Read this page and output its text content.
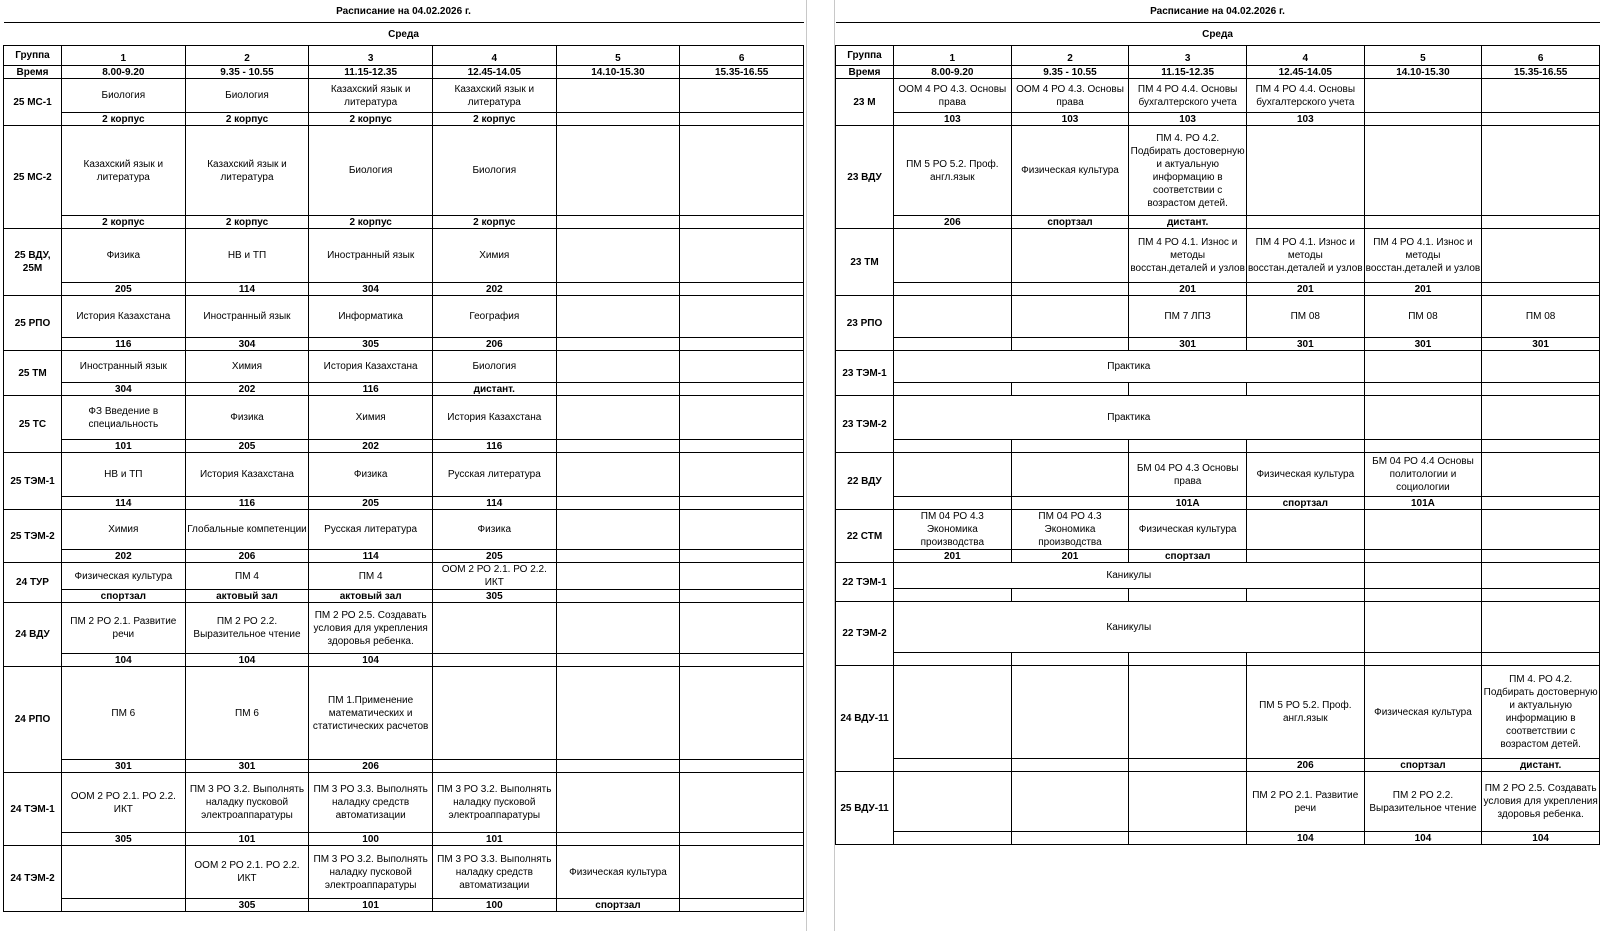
Расписание на 04.02.2026 г.						
Среда						
Группа	1	2	3	4	5	6
Время	8.00-9.20	9.35 - 10.55	11.15-12.35	12.45-14.05	14.10-15.30	15.35-16.55
25 МС-1	Биология	Биология	Казахский язык и литература	Казахский язык и литература		
	2 корпус	2 корпус	2 корпус	2 корпус		
25 МС-2	Казахский язык и литература	Казахский язык и литература	Биология	Биология		
	2 корпус	2 корпус	2 корпус	2 корпус		
25 ВДУ, 25М	Физика	НВ и ТП	Иностранный язык	Химия		
	205	114	304	202		
25 РПО	История Казахстана	Иностранный язык	Информатика	География		
	116	304	305	206		
25 ТМ	Иностранный язык	Химия	История Казахстана	Биология		
	304	202	116	дистант.		
25 ТС	ФЗ Введение в специальность	Физика	Химия	История Казахстана		
	101	205	202	116		
25 ТЭМ-1	НВ и ТП	История Казахстана	Физика	Русская литература		
	114	116	205	114		
25 ТЭМ-2	Химия	Глобальные компетенции	Русская литература	Физика		
	202	206	114	205		
24 ТУР	Физическая культура	ПМ 4	ПМ 4	ООМ 2 РО 2.1. РО 2.2. ИКТ		
	спортзал	актовый зал	актовый зал	305		
24 ВДУ	ПМ 2 РО 2.1. Развитие речи	ПМ 2 РО 2.2. Выразительное чтение	ПМ 2 РО 2.5. Создавать условия для укрепления здоровья ребенка.			
	104	104	104			
24 РПО	ПМ 6	ПМ 6	ПМ 1.Применение математических и статистических расчетов			
	301	301	206			
24 ТЭМ-1	ООМ 2 РО 2.1. РО 2.2. ИКТ	ПМ 3 РО 3.2. Выполнять наладку пусковой электроаппаратуры	ПМ 3 РО 3.3. Выполнять наладку средств автоматизации	ПМ 3 РО 3.2. Выполнять наладку пусковой электроаппаратуры		
	305	101	100	101		
24 ТЭМ-2		ООМ 2 РО 2.1. РО 2.2. ИКТ	ПМ 3 РО 3.2. Выполнять наладку пусковой электроаппаратуры	ПМ 3 РО 3.3. Выполнять наладку средств автоматизации	Физическая культура	
		305	101	100	спортзал	
Расписание на 04.02.2026 г.						
Среда						
Группа	1	2	3	4	5	6
Время	8.00-9.20	9.35 - 10.55	11.15-12.35	12.45-14.05	14.10-15.30	15.35-16.55
23 М	ООМ 4 РО 4.3. Основы права	ООМ 4 РО 4.3. Основы права	ПМ 4 РО 4.4. Основы бухгалтерского учета	ПМ 4 РО 4.4. Основы бухгалтерского учета		
	103	103	103	103		
23 ВДУ	ПМ 5 РО 5.2. Проф. англ.язык	Физическая культура	ПМ 4. РО 4.2. Подбирать достоверную и актуальную информацию в соответствии с возрастом детей.			
	206	спортзал	дистант.			
23 ТМ			ПМ 4 РО 4.1. Износ и методы восстан.деталей и узлов	ПМ 4 РО 4.1. Износ и методы восстан.деталей и узлов	ПМ 4 РО 4.1. Износ и методы восстан.деталей и узлов	
			201	201	201	
23 РПО			ПМ 7 ЛПЗ	ПМ 08	ПМ 08	ПМ 08
			301	301	301	301
23 ТЭМ-1	Практика					

23 ТЭМ-2	Практика					

22 ВДУ			БМ 04 РО 4.3 Основы права	Физическая культура	БМ 04 РО 4.4 Основы политологии и социологии	
			101А	спортзал	101А	
22 СТМ	ПМ 04 РО 4.3 Экономика производства	ПМ 04 РО 4.3 Экономика производства	Физическая культура			
	201	201	спортзал			
22 ТЭМ-1	Каникулы					

22 ТЭМ-2	Каникулы					

24 ВДУ-11				ПМ 5 РО 5.2. Проф. англ.язык	Физическая культура	ПМ 4. РО 4.2. Подбирать достоверную и актуальную информацию в соответствии с возрастом детей.
				206	спортзал	дистант.
25 ВДУ-11				ПМ 2 РО 2.1. Развитие речи	ПМ 2 РО 2.2. Выразительное чтение	ПМ 2 РО 2.5. Создавать условия для укрепления здоровья ребенка.
				104	104	104
